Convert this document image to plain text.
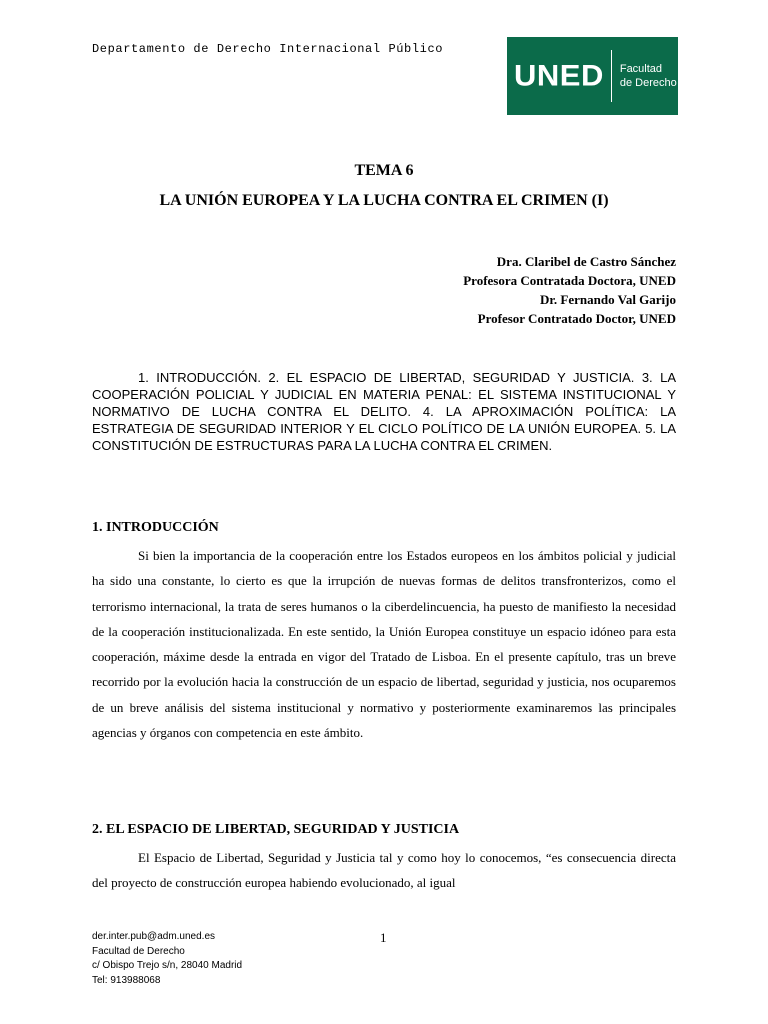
Departamento de Derecho Internacional Público
UNED Facultad
de Derecho
TEMA 6
LA UNIÓN EUROPEA Y LA LUCHA CONTRA EL CRIMEN (I)
Dra. Claribel de Castro Sánchez
Profesora Contratada Doctora, UNED
Dr. Fernando Val Garijo
Profesor Contratado Doctor, UNED
1. INTRODUCCIÓN. 2. EL ESPACIO DE LIBERTAD, SEGURIDAD Y JUSTICIA. 3. LA COOPERACIÓN POLICIAL Y JUDICIAL EN MATERIA PENAL: EL SISTEMA INSTITUCIONAL Y NORMATIVO DE LUCHA CONTRA EL DELITO. 4. LA APROXIMACIÓN POLÍTICA: LA ESTRATEGIA DE SEGURIDAD INTERIOR Y EL CICLO POLÍTICO DE LA UNIÓN EUROPEA. 5. LA CONSTITUCIÓN DE ESTRUCTURAS PARA LA LUCHA CONTRA EL CRIMEN.
1. INTRODUCCIÓN

Si bien la importancia de la cooperación entre los Estados europeos en los ámbitos policial y judicial ha sido una constante, lo cierto es que la irrupción de nuevas formas de delitos transfronterizos, como el terrorismo internacional, la trata de seres humanos o la ciberdelincuencia, ha puesto de manifiesto la necesidad de la cooperación institucionalizada. En este sentido, la Unión Europea constituye un espacio idóneo para esta cooperación, máxime desde la entrada en vigor del Tratado de Lisboa. En el presente capítulo, tras un breve recorrido por la evolución hacia la construcción de un espacio de libertad, seguridad y justicia, nos ocuparemos de un breve análisis del sistema institucional y normativo y posteriormente examinaremos las principales agencias y órganos con competencia en este ámbito.

2. EL ESPACIO DE LIBERTAD, SEGURIDAD Y JUSTICIA

El Espacio de Libertad, Seguridad y Justicia tal y como hoy lo conocemos, “es consecuencia directa del proyecto de construcción europea habiendo evolucionado, al igual

der.inter.pub@adm.uned.es
Facultad de Derecho
c/ Obispo Trejo s/n, 28040 Madrid
Tel: 913988068
1
